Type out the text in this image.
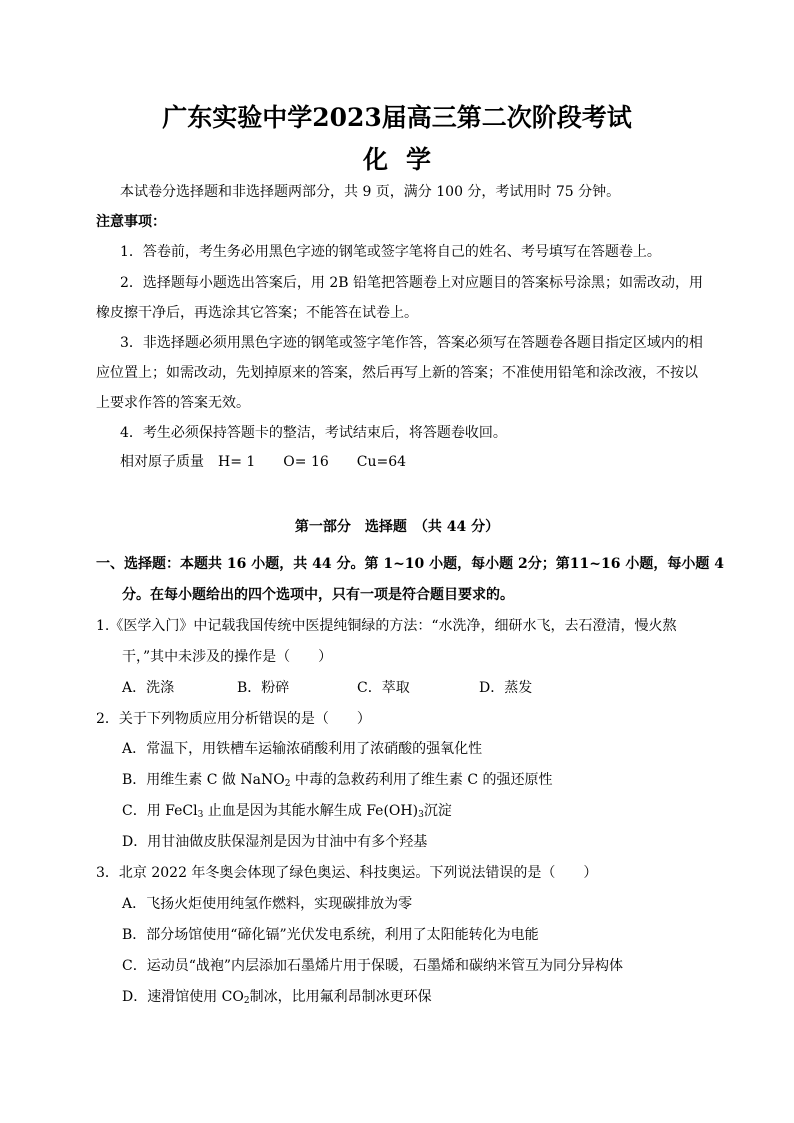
广东实验中学2023届高三第二次阶段考试
化学
本试卷分选择题和非选择题两部分，共 9 页，满分 100 分，考试用时 75 分钟。
注意事项：
1．答卷前，考生务必用黑色字迹的钢笔或签字笔将自己的姓名、考号填写在答题卷上。
2．选择题每小题选出答案后，用 2B 铅笔把答题卷上对应题目的答案标号涂黑；如需改动，用
橡皮擦干净后，再选涂其它答案；不能答在试卷上。
3．非选择题必须用黑色字迹的钢笔或签字笔作答，答案必须写在答题卷各题目指定区域内的相
应位置上；如需改动，先划掉原来的答案，然后再写上新的答案；不准使用铅笔和涂改液，不按以
上要求作答的答案无效。
4．考生必须保持答题卡的整洁，考试结束后，将答题卷收回。
相对原子质量　H= 1　　O= 16　　Cu=64
第一部分　选择题　（共 44 分）
一、选择题：本题共 16 小题，共 44 分。第 1~10 小题，每小题 2分；第11~16 小题，每小题 4
分。在每小题给出的四个选项中，只有一项是符合题目要求的。
1.《医学入门》中记载我国传统中医提纯铜绿的方法：“水洗净，细研水飞，去石澄清，慢火熬
干，”其中未涉及的操作是（　　）
A．洗涤	B．粉碎	C．萃取	D．蒸发
2．关于下列物质应用分析错误的是（　　）
A．常温下，用铁槽车运输浓硝酸利用了浓硝酸的强氧化性
B．用维生素 C 做 NaNO$_2$ 中毒的急救药利用了维生素 C 的强还原性
C．用 FeCl$_3$ 止血是因为其能水解生成 $Fe(OH)_3$沉淀
D．用甘油做皮肤保湿剂是因为甘油中有多个羟基
3．北京 2022 年冬奥会体现了绿色奥运、科技奥运。下列说法错误的是（　　）
A．飞扬火炬使用纯氢作燃料，实现碳排放为零
B．部分场馆使用“碲化镉”光伏发电系统，利用了太阳能转化为电能
C．运动员“战袍”内层添加石墨烯片用于保暖，石墨烯和碳纳米管互为同分异构体
D．速滑馆使用 $CO_2$制冰，比用氟利昂制冰更环保
